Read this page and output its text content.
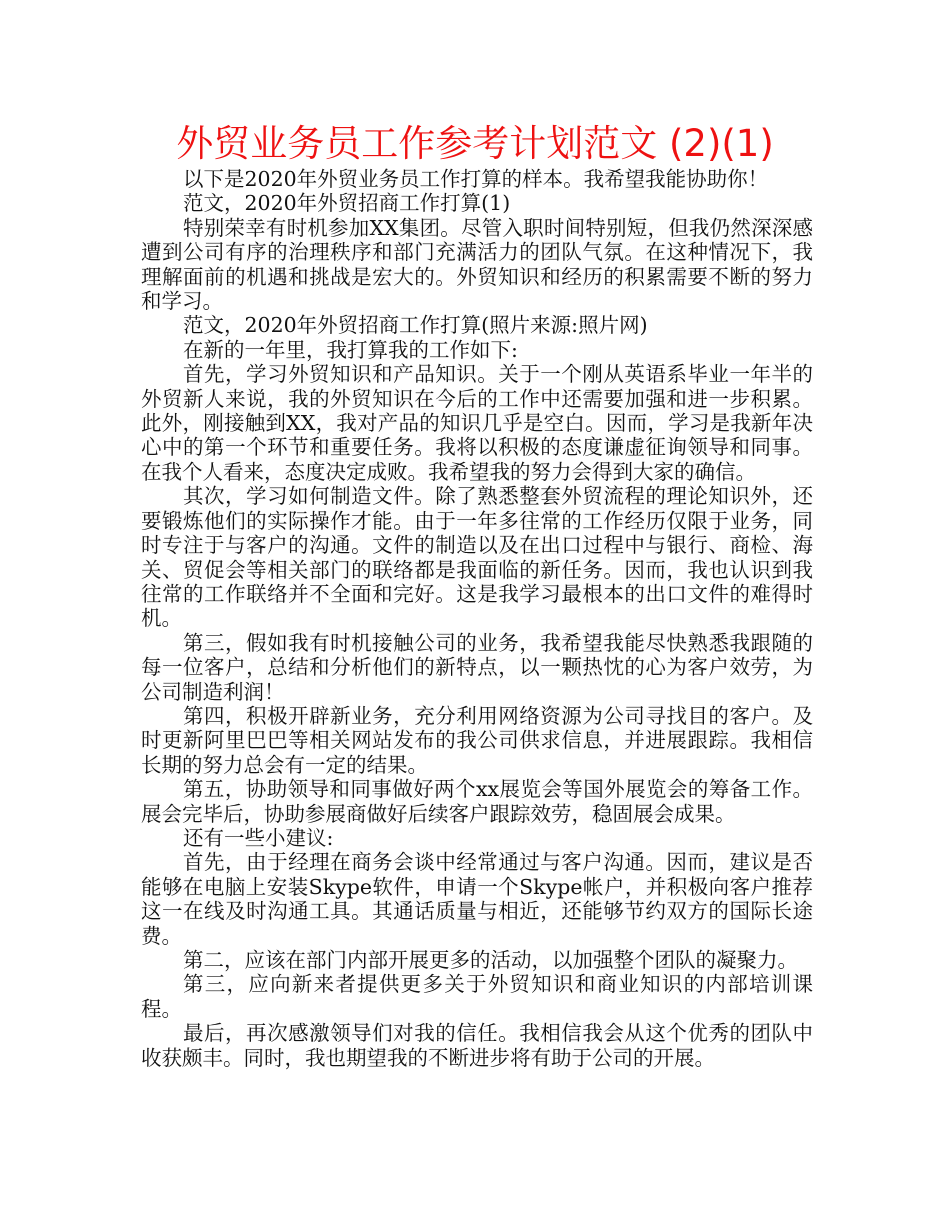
外贸业务员工作参考计划范文 (2)(1)

以下是2020年外贸业务员工作打算的样本。我希望我能协助你！

范文，2020年外贸招商工作打算(1)

特别荣幸有时机参加XX集团。尽管入职时间特别短，但我仍然深深感遭到公司有序的治理秩序和部门充满活力的团队气氛。在这种情况下，我理解面前的机遇和挑战是宏大的。外贸知识和经历的积累需要不断的努力和学习。

范文，2020年外贸招商工作打算(照片来源:照片网)

在新的一年里，我打算我的工作如下:

首先，学习外贸知识和产品知识。关于一个刚从英语系毕业一年半的外贸新人来说，我的外贸知识在今后的工作中还需要加强和进一步积累。此外，刚接触到XX，我对产品的知识几乎是空白。因而，学习是我新年决心中的第一个环节和重要任务。我将以积极的态度谦虚征询领导和同事。在我个人看来，态度决定成败。我希望我的努力会得到大家的确信。

其次，学习如何制造文件。除了熟悉整套外贸流程的理论知识外，还要锻炼他们的实际操作才能。由于一年多往常的工作经历仅限于业务，同时专注于与客户的沟通。文件的制造以及在出口过程中与银行、商检、海关、贸促会等相关部门的联络都是我面临的新任务。因而，我也认识到我往常的工作联络并不全面和完好。这是我学习最根本的出口文件的难得时机。

第三，假如我有时机接触公司的业务，我希望我能尽快熟悉我跟随的每一位客户，总结和分析他们的新特点，以一颗热忱的心为客户效劳，为公司制造利润！

第四，积极开辟新业务，充分利用网络资源为公司寻找目的客户。及时更新阿里巴巴等相关网站发布的我公司供求信息，并进展跟踪。我相信长期的努力总会有一定的结果。

第五，协助领导和同事做好两个xx展览会等国外展览会的筹备工作。展会完毕后，协助参展商做好后续客户跟踪效劳，稳固展会成果。

还有一些小建议:

首先，由于经理在商务会谈中经常通过与客户沟通。因而，建议是否能够在电脑上安装Skype软件，申请一个Skype帐户，并积极向客户推荐这一在线及时沟通工具。其通话质量与相近，还能够节约双方的国际长途费。

第二，应该在部门内部开展更多的活动，以加强整个团队的凝聚力。

第三，应向新来者提供更多关于外贸知识和商业知识的内部培训课程。

最后，再次感激领导们对我的信任。我相信我会从这个优秀的团队中收获颇丰。同时，我也期望我的不断进步将有助于公司的开展。
